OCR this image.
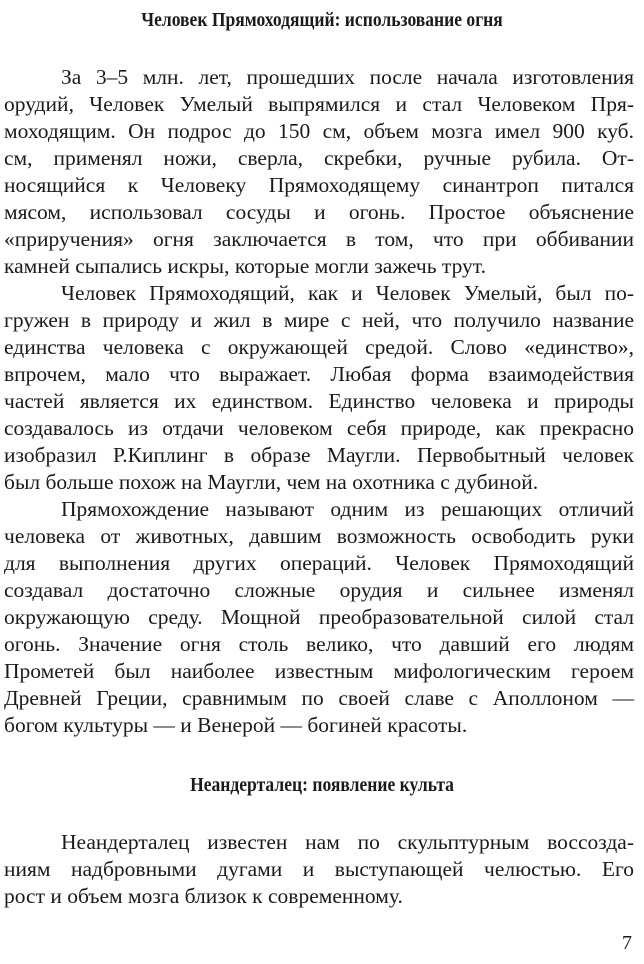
Человек Прямоходящий: использование огня

За 3–5 млн. лет, прошедших после начала изготовления
орудий, Человек Умелый выпрямился и стал Человеком Пря-
моходящим. Он подрос до 150 см, объем мозга имел 900 куб.
см, применял ножи, сверла, скребки, ручные рубила. От-
носящийся к Человеку Прямоходящему синантроп питался
мясом, использовал сосуды и огонь. Простое объяснение
«приручения» огня заключается в том, что при оббивании
камней сыпались искры, которые могли зажечь трут.

Человек Прямоходящий, как и Человек Умелый, был по-
гружен в природу и жил в мире с ней, что получило название
единства человека с окружающей средой. Слово «единство»,
впрочем, мало что выражает. Любая форма взаимодействия
частей является их единством. Единство человека и природы
создавалось из отдачи человеком себя природе, как прекрасно
изобразил Р.Киплинг в образе Маугли. Первобытный человек
был больше похож на Маугли, чем на охотника с дубиной.

Прямохождение называют одним из решающих отличий
человека от животных, давшим возможность освободить руки
для выполнения других операций. Человек Прямоходящий
создавал достаточно сложные орудия и сильнее изменял
окружающую среду. Мощной преобразовательной силой стал
огонь. Значение огня столь велико, что давший его людям
Прометей был наиболее известным мифологическим героем
Древней Греции, сравнимым по своей славе с Аполлоном —
богом культуры — и Венерой — богиней красоты.

Неандерталец: появление культа

Неандерталец известен нам по скульптурным воссозда-
ниям надбровными дугами и выступающей челюстью. Его
рост и объем мозга близок к современному.

7
